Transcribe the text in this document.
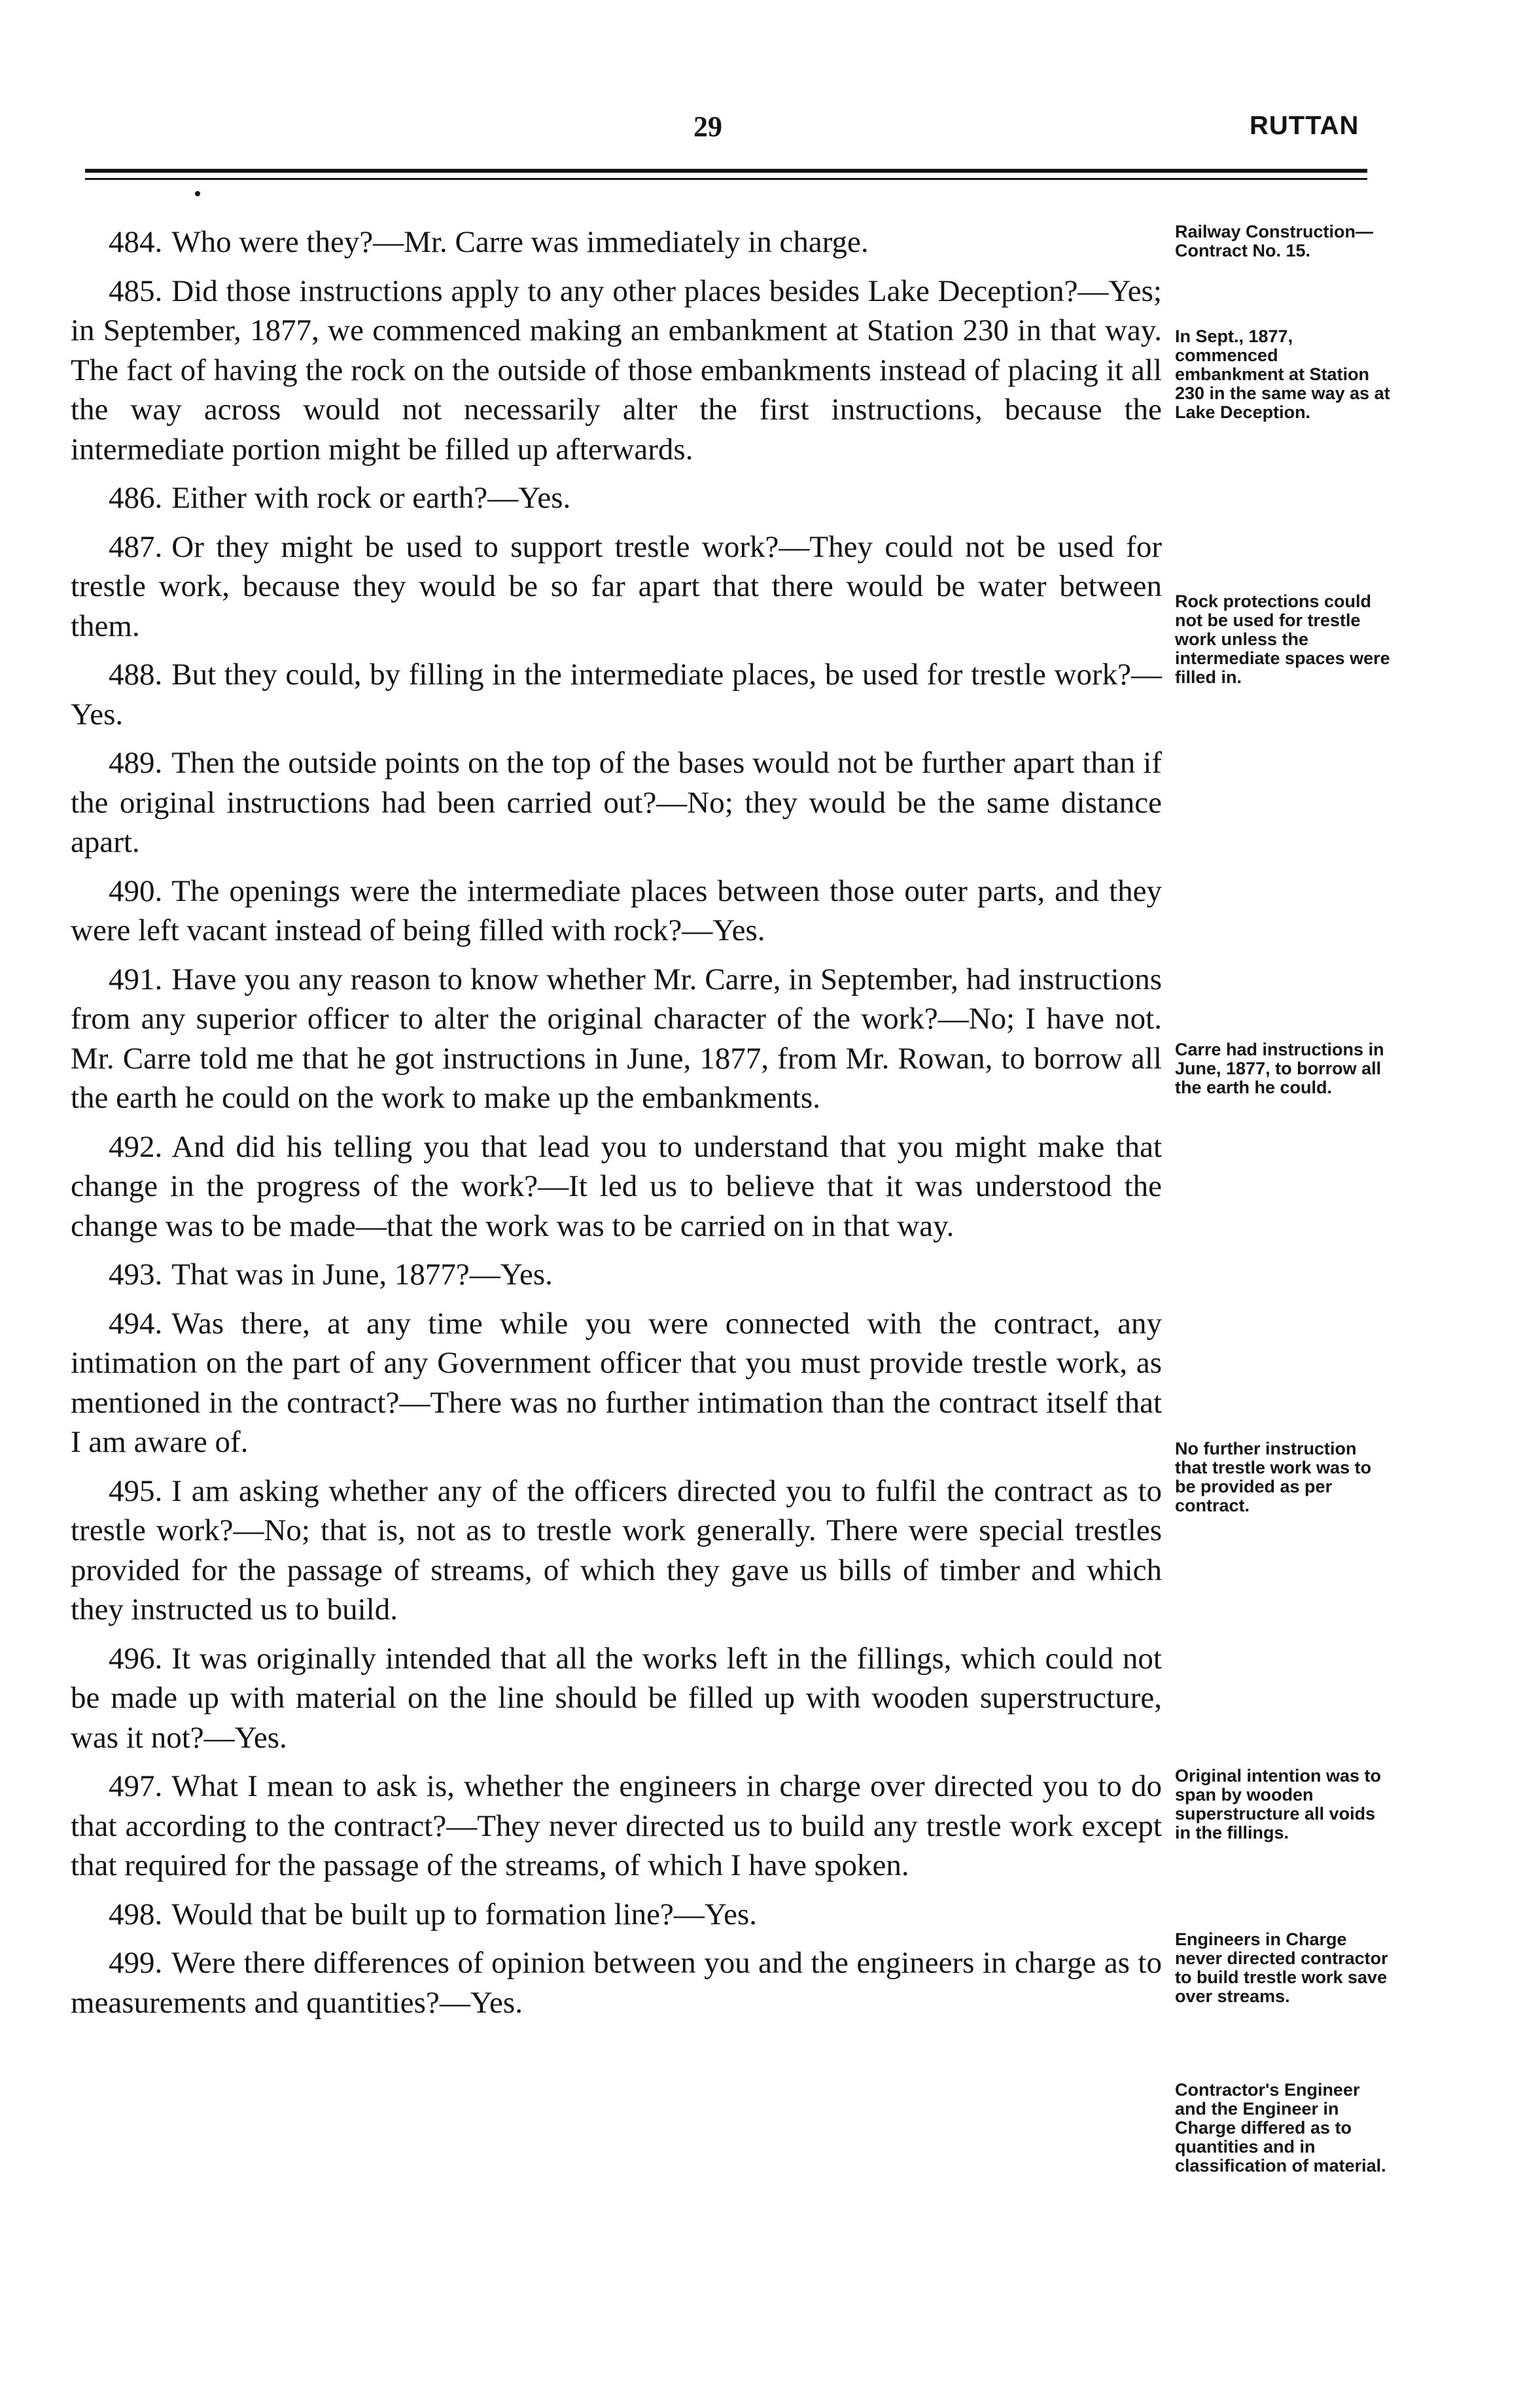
29	RUTTAN

484. Who were they?—Mr. Carre was immediately in charge.

485. Did those instructions apply to any other places besides Lake Deception?—Yes; in September, 1877, we commenced making an embankment at Station 230 in that way. The fact of having the rock on the outside of those embankments instead of placing it all the way across would not necessarily alter the first instructions, because the intermediate portion might be filled up afterwards.

486. Either with rock or earth?—Yes.

487. Or they might be used to support trestle work?—They could not be used for trestle work, because they would be so far apart that there would be water between them.

488. But they could, by filling in the intermediate places, be used for trestle work?—Yes.

489. Then the outside points on the top of the bases would not be further apart than if the original instructions had been carried out?—No; they would be the same distance apart.

490. The openings were the intermediate places between those outer parts, and they were left vacant instead of being filled with rock?—Yes.

491. Have you any reason to know whether Mr. Carre, in September, had instructions from any superior officer to alter the original character of the work?—No; I have not. Mr. Carre told me that he got instructions in June, 1877, from Mr. Rowan, to borrow all the earth he could on the work to make up the embankments.

492. And did his telling you that lead you to understand that you might make that change in the progress of the work?—It led us to believe that it was understood the change was to be made—that the work was to be carried on in that way.

493. That was in June, 1877?—Yes.

494. Was there, at any time while you were connected with the contract, any intimation on the part of any Government officer that you must provide trestle work, as mentioned in the contract?—There was no further intimation than the contract itself that I am aware of.

495. I am asking whether any of the officers directed you to fulfil the contract as to trestle work?—No; that is, not as to trestle work generally. There were special trestles provided for the passage of streams, of which they gave us bills of timber and which they instructed us to build.

496. It was originally intended that all the works left in the fillings, which could not be made up with material on the line should be filled up with wooden superstructure, was it not?—Yes.

497. What I mean to ask is, whether the engineers in charge over directed you to do that according to the contract?—They never directed us to build any trestle work except that required for the passage of the streams, of which I have spoken.

498. Would that be built up to formation line?—Yes.

499. Were there differences of opinion between you and the engineers in charge as to measurements and quantities?—Yes.

Railway Construction—Contract No. 15.
In Sept., 1877, commenced embankment at Station 230 in the same way as at Lake Deception.
Rock protections could not be used for trestle work unless the intermediate spaces were filled in.
Carre had instructions in June, 1877, to borrow all the earth he could.
No further instruction that trestle work was to be provided as per contract.
Original intention was to span by wooden superstructure all voids in the fillings.
Engineers in Charge never directed contractor to build trestle work save over streams.
Contractor's Engineer and the Engineer in Charge differed as to quantities and in classification of material.
